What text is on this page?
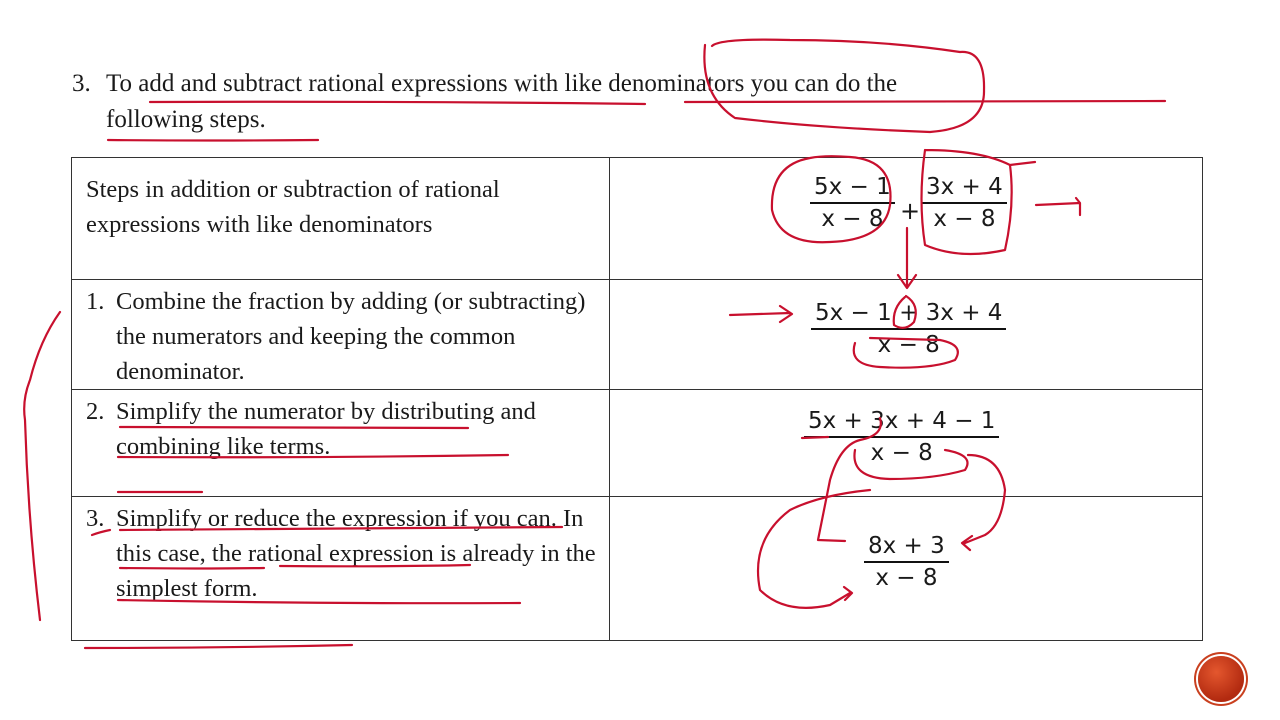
3. To add and subtract rational expressions with like denominators you can do the
following steps.
Steps in addition or subtraction of rational expressions with like denominators	5x − 1
x − 8 +
3x + 4
x − 8

1. Combine the fraction by adding (or subtracting) the numerators and keeping the common denominator.	5x − 1 + 3x + 4
x − 8

2. Simplify the numerator by distributing and combining like terms.	5x + 3x + 4 − 1
x − 8

3. Simplify or reduce the expression if you can. In this case, the rational expression is already in the simplest form.	8x + 3
x − 8
